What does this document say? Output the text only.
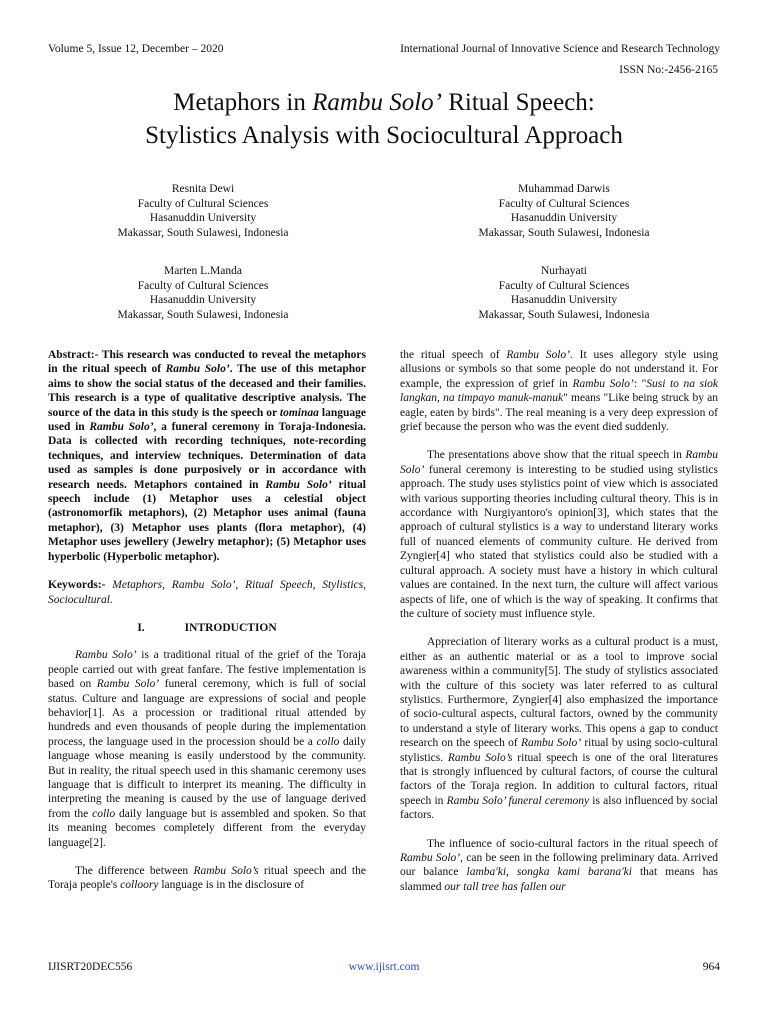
Volume 5, Issue 12, December – 2020	International Journal of Innovative Science and Research Technology
ISSN No:-2456-2165
Metaphors in Rambu Solo’ Ritual Speech:
Stylistics Analysis with Sociocultural Approach
Resnita Dewi
Faculty of Cultural Sciences
Hasanuddin University
Makassar, South Sulawesi, Indonesia
Muhammad Darwis
Faculty of Cultural Sciences
Hasanuddin University
Makassar, South Sulawesi, Indonesia
Marten L.Manda
Faculty of Cultural Sciences
Hasanuddin University
Makassar, South Sulawesi, Indonesia
Nurhayati
Faculty of Cultural Sciences
Hasanuddin University
Makassar, South Sulawesi, Indonesia

Abstract:- This research was conducted to reveal the metaphors in the ritual speech of Rambu Solo’. The use of this metaphor aims to show the social status of the deceased and their families. This research is a type of qualitative descriptive analysis. The source of the data in this study is the speech or tominaa language used in Rambu Solo’, a funeral ceremony in Toraja-Indonesia. Data is collected with recording techniques, note-recording techniques, and interview techniques. Determination of data used as samples is done purposively or in accordance with research needs. Metaphors contained in Rambu Solo’ ritual speech include (1) Metaphor uses a celestial object (astronomorfik metaphors), (2) Metaphor uses animal (fauna metaphor), (3) Metaphor uses plants (flora metaphor), (4) Metaphor uses jewellery (Jewelry metaphor); (5) Metaphor uses hyperbolic (Hyperbolic metaphor).

Keywords:- Metaphors, Rambu Solo’, Ritual Speech, Stylistics, Sociocultural.

I.	INTRODUCTION

Rambu Solo’ is a traditional ritual of the grief of the Toraja people carried out with great fanfare. The festive implementation is based on Rambu Solo’ funeral ceremony, which is full of social status. Culture and language are expressions of social and people behavior[1]. As a procession or traditional ritual attended by hundreds and even thousands of people during the implementation process, the language used in the procession should be a collo daily language whose meaning is easily understood by the community. But in reality, the ritual speech used in this shamanic ceremony uses language that is difficult to interpret its meaning. The difficulty in interpreting the meaning is caused by the use of language derived from the collo daily language but is assembled and spoken. So that its meaning becomes completely different from the everyday language[2].

The difference between Rambu Solo’s ritual speech and the Toraja people's colloory language is in the disclosure of

the ritual speech of Rambu Solo’. It uses allegory style using allusions or symbols so that some people do not understand it. For example, the expression of grief in Rambu Solo’: "Susi to na siok langkan, na timpayo manuk-manuk" means "Like being struck by an eagle, eaten by birds". The real meaning is a very deep expression of grief because the person who was the event died suddenly.

The presentations above show that the ritual speech in Rambu Solo’ funeral ceremony is interesting to be studied using stylistics approach. The study uses stylistics point of view which is associated with various supporting theories including cultural theory. This is in accordance with Nurgiyantoro's opinion[3], which states that the approach of cultural stylistics is a way to understand literary works full of nuanced elements of community culture. He derived from Zyngier[4] who stated that stylistics could also be studied with a cultural approach. A society must have a history in which cultural values are contained. In the next turn, the culture will affect various aspects of life, one of which is the way of speaking. It confirms that the culture of society must influence style.

Appreciation of literary works as a cultural product is a must, either as an authentic material or as a tool to improve social awareness within a community[5]. The study of stylistics associated with the culture of this society was later referred to as cultural stylistics. Furthermore, Zyngier[4] also emphasized the importance of socio-cultural aspects, cultural factors, owned by the community to understand a style of literary works. This opens a gap to conduct research on the speech of Rambu Solo’ ritual by using socio-cultural stylistics. Rambu Solo’s ritual speech is one of the oral literatures that is strongly influenced by cultural factors, of course the cultural factors of the Toraja region. In addition to cultural factors, ritual speech in Rambu Solo’ funeral ceremony is also influenced by social factors.

The influence of socio-cultural factors in the ritual speech of Rambu Solo’, can be seen in the following preliminary data. Arrived our balance lamba'ki, songka kami barana'ki that means has slammed our tall tree has fallen our

IJISRT20DEC556	www.ijisrt.com	964
